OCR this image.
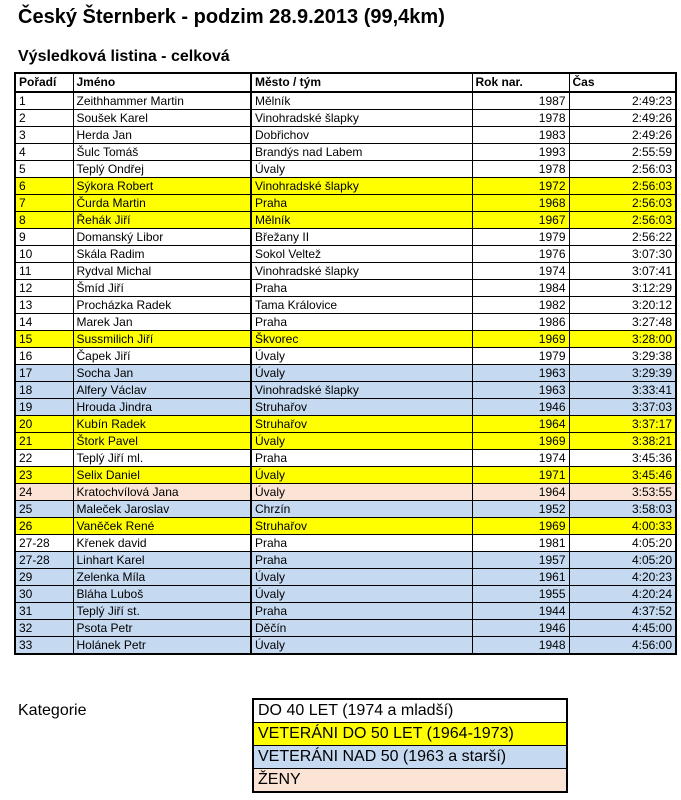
Český Šternberk - podzim 28.9.2013 (99,4km)
Výsledková listina - celková
Pořadí	Jméno	Město / tým	Rok nar.	Čas
1	Zeithhammer Martin	Mělník	1987	2:49:23
2	Soušek Karel	Vinohradské šlapky	1978	2:49:26
3	Herda Jan	Dobřichov	1983	2:49:26
4	Šulc Tomáš	Brandýs nad Labem	1993	2:55:59
5	Teplý Ondřej	Úvaly	1978	2:56:03
6	Sýkora Robert	Vinohradské šlapky	1972	2:56:03
7	Čurda Martin	Praha	1968	2:56:03
8	Řehák Jiří	Mělník	1967	2:56:03
9	Domanský Libor	Břežany II	1979	2:56:22
10	Skála Radim	Sokol Veltež	1976	3:07:30
11	Rydval Michal	Vinohradské šlapky	1974	3:07:41
12	Šmíd Jiří	Praha	1984	3:12:29
13	Procházka Radek	Tama Královice	1982	3:20:12
14	Marek Jan	Praha	1986	3:27:48
15	Sussmilich Jiří	Škvorec	1969	3:28:00
16	Čapek Jiří	Úvaly	1979	3:29:38
17	Socha Jan	Úvaly	1963	3:29:39
18	Alfery Václav	Vinohradské šlapky	1963	3:33:41
19	Hrouda Jindra	Struhařov	1946	3:37:03
20	Kubín Radek	Struhařov	1964	3:37:17
21	Štork Pavel	Úvaly	1969	3:38:21
22	Teplý Jiří ml.	Praha	1974	3:45:36
23	Selix Daniel	Úvaly	1971	3:45:46
24	Kratochvílová Jana	Úvaly	1964	3:53:55
25	Maleček Jaroslav	Chrzín	1952	3:58:03
26	Vaněček René	Struhařov	1969	4:00:33
27-28	Křenek david	Praha	1981	4:05:20
27-28	Linhart Karel	Praha	1957	4:05:20
29	Zelenka Míla	Úvaly	1961	4:20:23
30	Bláha Luboš	Úvaly	1955	4:20:24
31	Teplý Jiří st.	Praha	1944	4:37:52
32	Psota Petr	Děčín	1946	4:45:00
33	Holánek Petr	Úvaly	1948	4:56:00
Kategorie	DO 40 LET (1974 a mladší)
VETERÁNI DO 50 LET (1964-1973)
VETERÁNI NAD 50 (1963 a starší)
ŽENY
